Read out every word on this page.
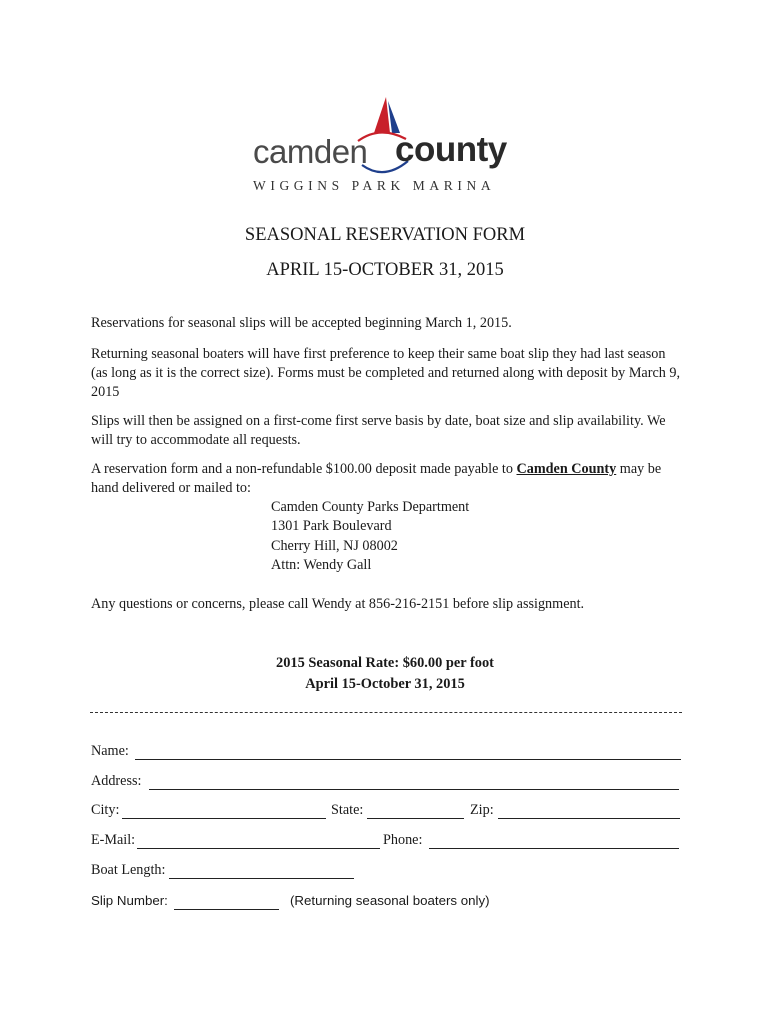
camden county
WIGGINS PARK MARINA
SEASONAL RESERVATION FORM
APRIL 15-OCTOBER 31, 2015
Reservations for seasonal slips will be accepted beginning March 1, 2015.
Returning seasonal boaters will have first preference to keep their same boat slip they had last season (as long as it is the correct size). Forms must be completed and returned along with deposit by March 9, 2015
Slips will then be assigned on a first-come first serve basis by date, boat size and slip availability. We will try to accommodate all requests.
A reservation form and a non-refundable $100.00 deposit made payable to Camden County may be hand delivered or mailed to:
Camden County Parks Department
1301 Park Boulevard
Cherry Hill, NJ 08002
Attn: Wendy Gall
Any questions or concerns, please call Wendy at 856-216-2151 before slip assignment.
2015 Seasonal Rate: $60.00 per foot
April 15-October 31, 2015
Name:
Address:
City:	State:	Zip:
E-Mail:	Phone:
Boat Length:
Slip Number:	(Returning seasonal boaters only)
